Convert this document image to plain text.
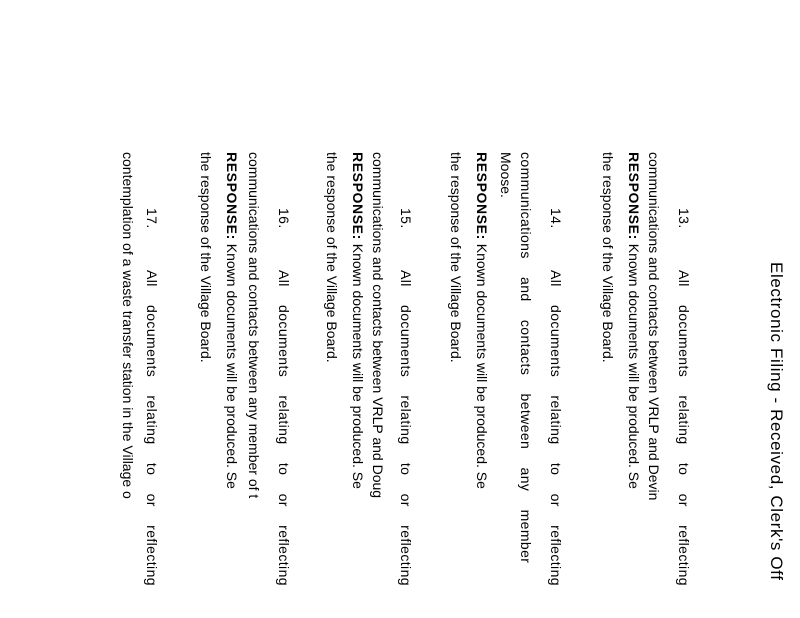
Electronic Filing - Received, Clerk's Off
13.
All documents relating to or reflecting
communications and contacts between VRLP and Devin
RESPONSE: Known documents will be produced. Se
the response of the Village Board.
14.
All documents relating to or reflecting
communications and contacts between any member
Moose.
RESPONSE: Known documents will be produced. Se
the response of the Village Board.
15.
All documents relating to or reflecting
communications and contacts between VRLP and Doug
RESPONSE: Known documents will be produced. Se
the response of the Village Board.
16.
All documents relating to or reflecting
communications and contacts between any member of t
RESPONSE: Known documents will be produced. Se
the response of the Village Board.
17.
All documents relating to or reflecting
contemplation of a waste transfer station in the Village o
